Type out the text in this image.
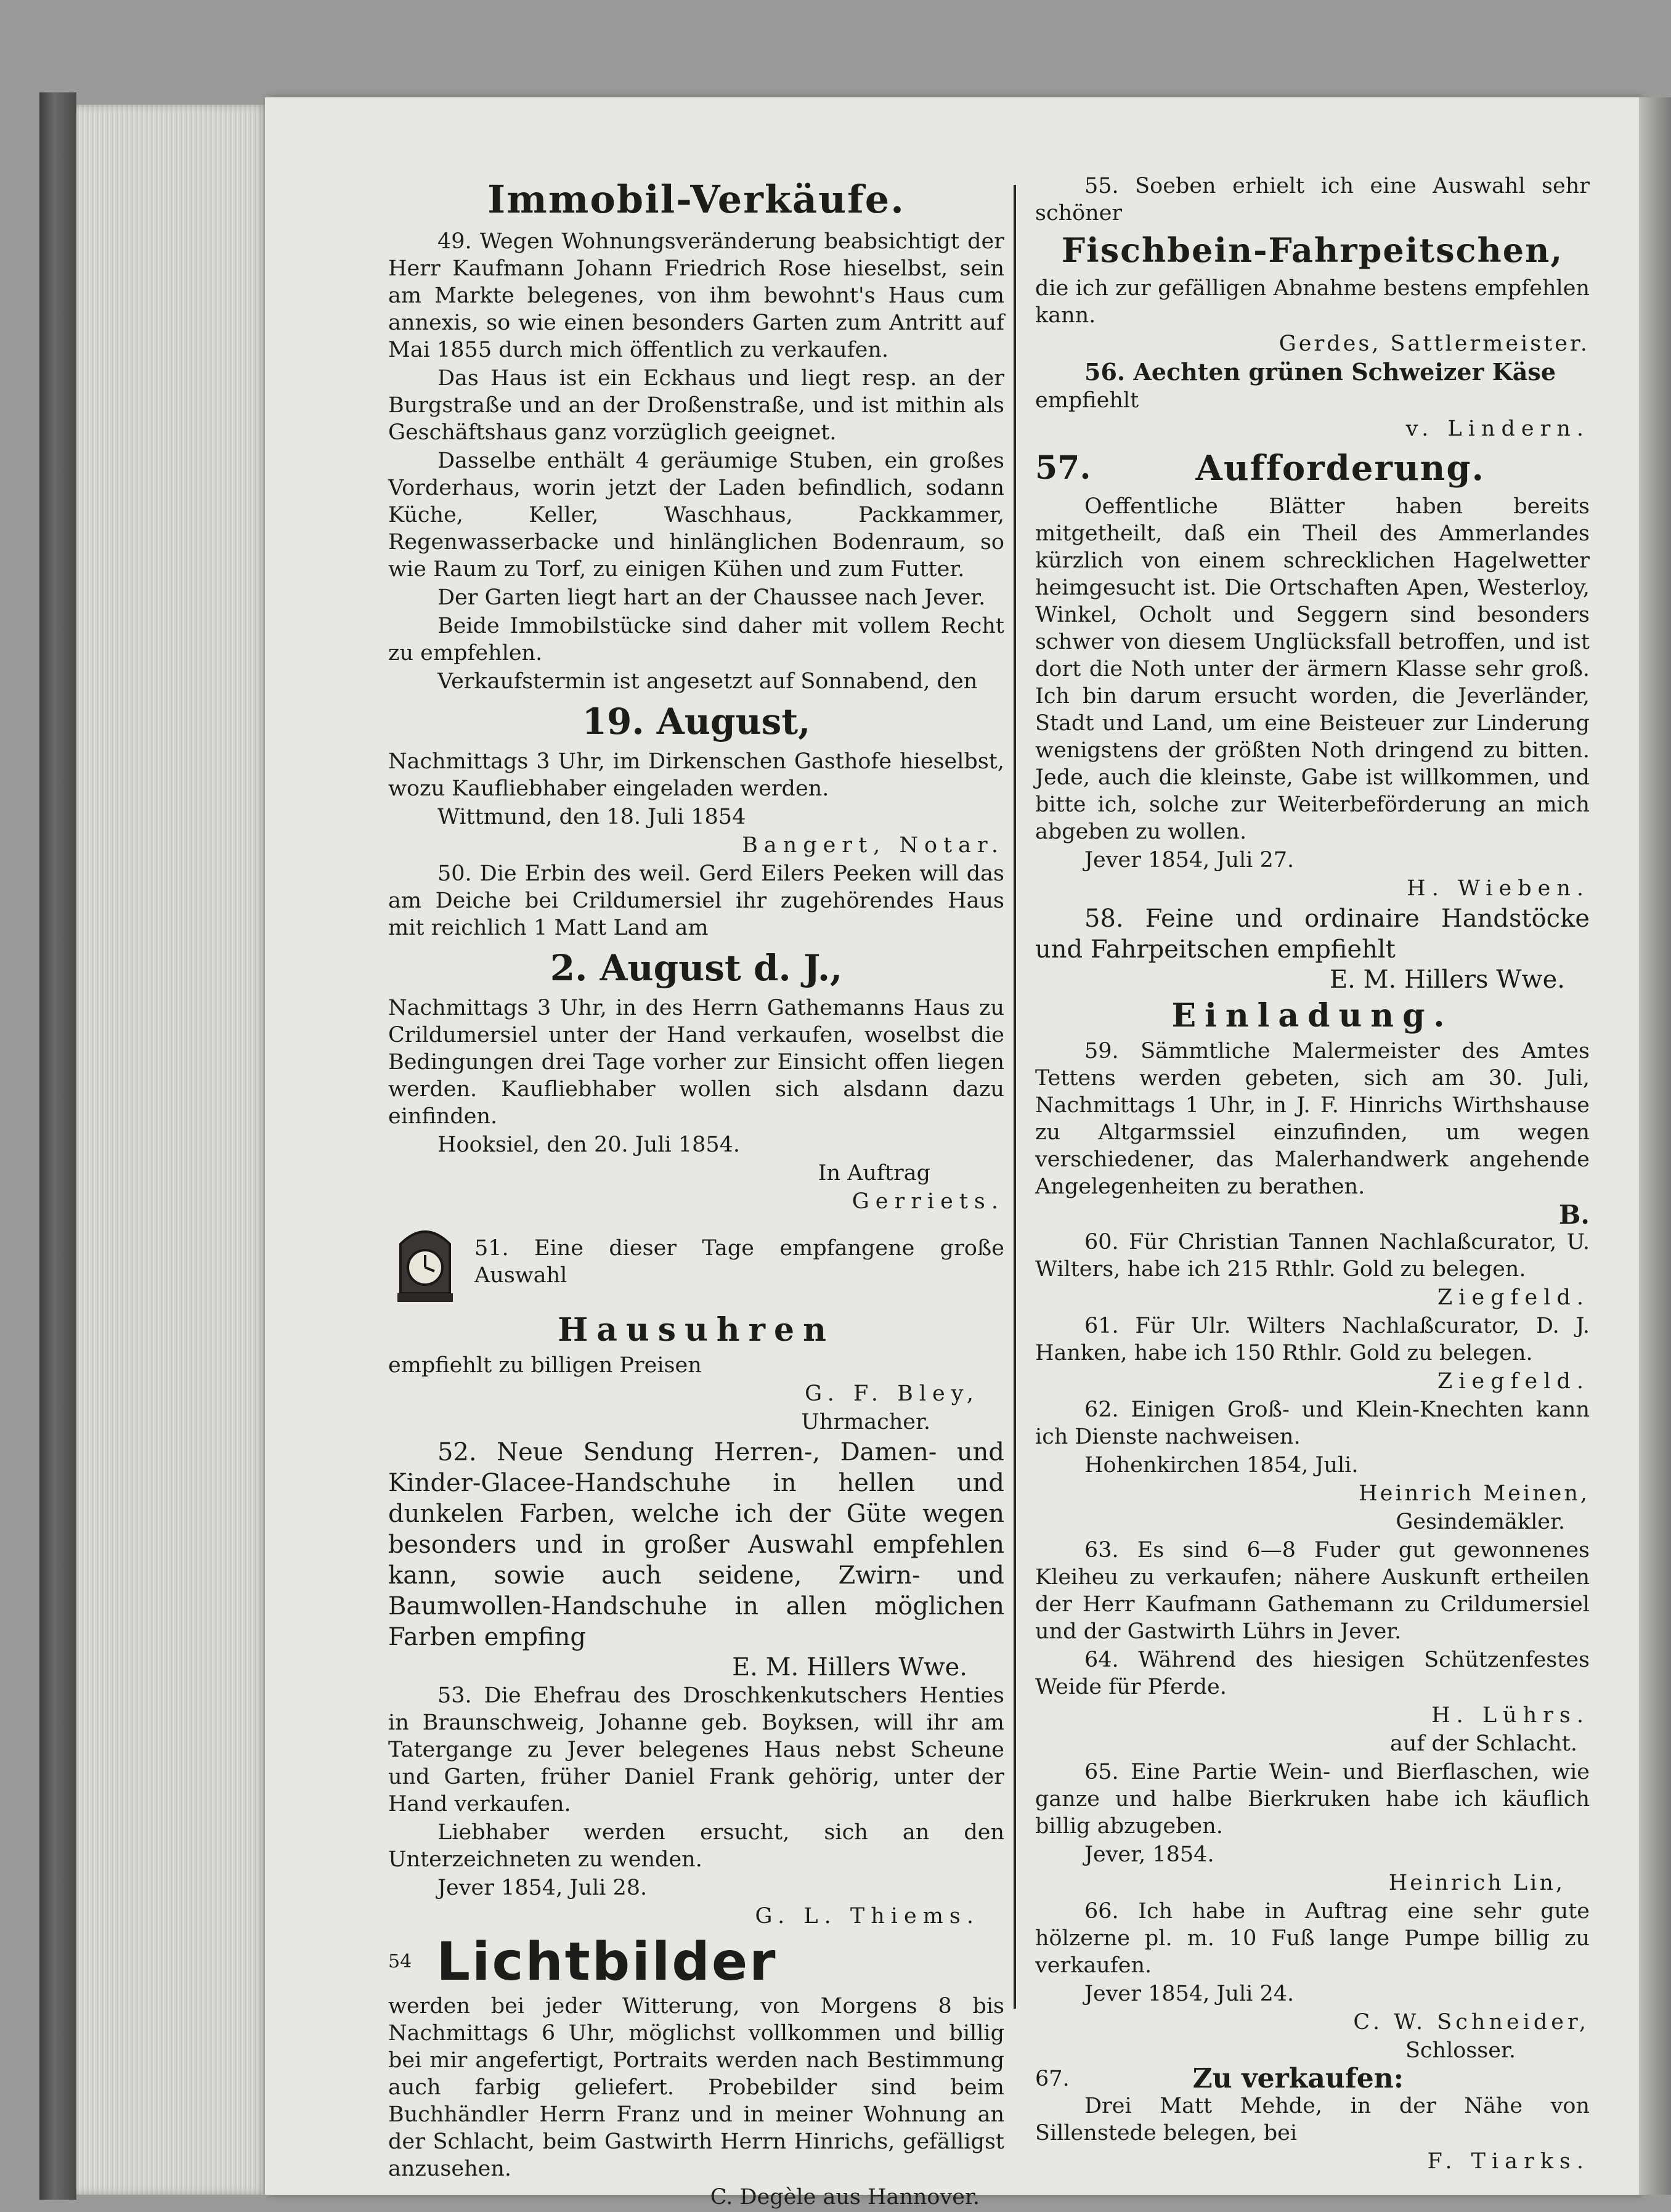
Immobil-Verkäufe.

49. Wegen Wohnungsveränderung beabsichtigt der Herr Kaufmann Johann Friedrich Rose hieselbst, sein am Markte belegenes, von ihm bewohnt's Haus cum annexis, so wie einen besonders Garten zum Antritt auf Mai 1855 durch mich öffentlich zu verkaufen.

Das Haus ist ein Eckhaus und liegt resp. an der Burgstraße und an der Droßenstraße, und ist mithin als Geschäftshaus ganz vorzüglich geeignet.

Dasselbe enthält 4 geräumige Stuben, ein großes Vorderhaus, worin jetzt der Laden befindlich, sodann Küche, Keller, Waschhaus, Packkammer, Regenwasserbacke und hinlänglichen Bodenraum, so wie Raum zu Torf, zu einigen Kühen und zum Futter.

Der Garten liegt hart an der Chaussee nach Jever.

Beide Immobilstücke sind daher mit vollem Recht zu empfehlen.

Verkaufstermin ist angesetzt auf Sonnabend, den

19. August,

Nachmittags 3 Uhr, im Dirkenschen Gasthofe hieselbst, wozu Kaufliebhaber eingeladen werden.

Wittmund, den 18. Juli 1854

Bangert, Notar.

50. Die Erbin des weil. Gerd Eilers Peeken will das am Deiche bei Crildumersiel ihr zugehörendes Haus mit reichlich 1 Matt Land am

2. August d. J.,

Nachmittags 3 Uhr, in des Herrn Gathemanns Haus zu Crildumersiel unter der Hand verkaufen, woselbst die Bedingungen drei Tage vorher zur Einsicht offen liegen werden. Kaufliebhaber wollen sich alsdann dazu einfinden.

Hooksiel, den 20. Juli 1854.

In Auftrag

Gerriets.

51. Eine dieser Tage empfangene große Auswahl

Hausuhren

empfiehlt zu billigen Preisen

G. F. Bley,

Uhrmacher.

52. Neue Sendung Herren-, Damen- und Kinder-Glacee-Handschuhe in hellen und dunkelen Farben, welche ich der Güte wegen besonders und in großer Auswahl empfehlen kann, sowie auch seidene, Zwirn- und Baumwollen-Handschuhe in allen möglichen Farben empfing

E. M. Hillers Wwe.

53. Die Ehefrau des Droschkenkutschers Henties in Braunschweig, Johanne geb. Boyksen, will ihr am Tatergange zu Jever belegenes Haus nebst Scheune und Garten, früher Daniel Frank gehörig, unter der Hand verkaufen.

Liebhaber werden ersucht, sich an den Unterzeichneten zu wenden.

Jever 1854, Juli 28.

G. L. Thiems.

54 Lichtbilder

werden bei jeder Witterung, von Morgens 8 bis Nachmittags 6 Uhr, möglichst vollkommen und billig bei mir angefertigt, Portraits werden nach Bestimmung auch farbig geliefert. Probebilder sind beim Buchhändler Herrn Franz und in meiner Wohnung an der Schlacht, beim Gastwirth Herrn Hinrichs, gefälligst anzusehen.

C. Degèle aus Hannover.

55. Soeben erhielt ich eine Auswahl sehr schöner

Fischbein-Fahrpeitschen,

die ich zur gefälligen Abnahme bestens empfehlen kann.

Gerdes, Sattlermeister.

56. Aechten grünen Schweizer Käse

empfiehlt

v. Lindern.

57.	Aufforderung.

Oeffentliche Blätter haben bereits mitgetheilt, daß ein Theil des Ammerlandes kürzlich von einem schrecklichen Hagelwetter heimgesucht ist. Die Ortschaften Apen, Westerloy, Winkel, Ocholt und Seggern sind besonders schwer von diesem Unglücksfall betroffen, und ist dort die Noth unter der ärmern Klasse sehr groß. Ich bin darum ersucht worden, die Jeverländer, Stadt und Land, um eine Beisteuer zur Linderung wenigstens der größten Noth dringend zu bitten. Jede, auch die kleinste, Gabe ist willkommen, und bitte ich, solche zur Weiterbeförderung an mich abgeben zu wollen.

Jever 1854, Juli 27.

H. Wieben.

58. Feine und ordinaire Handstöcke und Fahrpeitschen empfiehlt

E. M. Hillers Wwe.

Einladung.

59. Sämmtliche Malermeister des Amtes Tettens werden gebeten, sich am 30. Juli, Nachmittags 1 Uhr, in J. F. Hinrichs Wirthshause zu Altgarmssiel einzufinden, um wegen verschiedener, das Malerhandwerk angehende Angelegenheiten zu berathen.

B.

60. Für Christian Tannen Nachlaßcurator, U. Wilters, habe ich 215 Rthlr. Gold zu belegen.

Ziegfeld.

61. Für Ulr. Wilters Nachlaßcurator, D. J. Hanken, habe ich 150 Rthlr. Gold zu belegen.

Ziegfeld.

62. Einigen Groß- und Klein-Knechten kann ich Dienste nachweisen.

Hohenkirchen 1854, Juli.

Heinrich Meinen,

Gesindemäkler.

63. Es sind 6—8 Fuder gut gewonnenes Kleiheu zu verkaufen; nähere Auskunft ertheilen der Herr Kaufmann Gathemann zu Crildumersiel und der Gastwirth Lührs in Jever.

64. Während des hiesigen Schützenfestes Weide für Pferde.

H. Lührs.

auf der Schlacht.

65. Eine Partie Wein- und Bierflaschen, wie ganze und halbe Bierkruken habe ich käuflich billig abzugeben.

Jever, 1854.

Heinrich Lin,

66. Ich habe in Auftrag eine sehr gute hölzerne pl. m. 10 Fuß lange Pumpe billig zu verkaufen.

Jever 1854, Juli 24.

C. W. Schneider,

Schlosser.

67.	Zu verkaufen:

Drei Matt Mehde, in der Nähe von Sillenstede belegen, bei

F. Tiarks.
